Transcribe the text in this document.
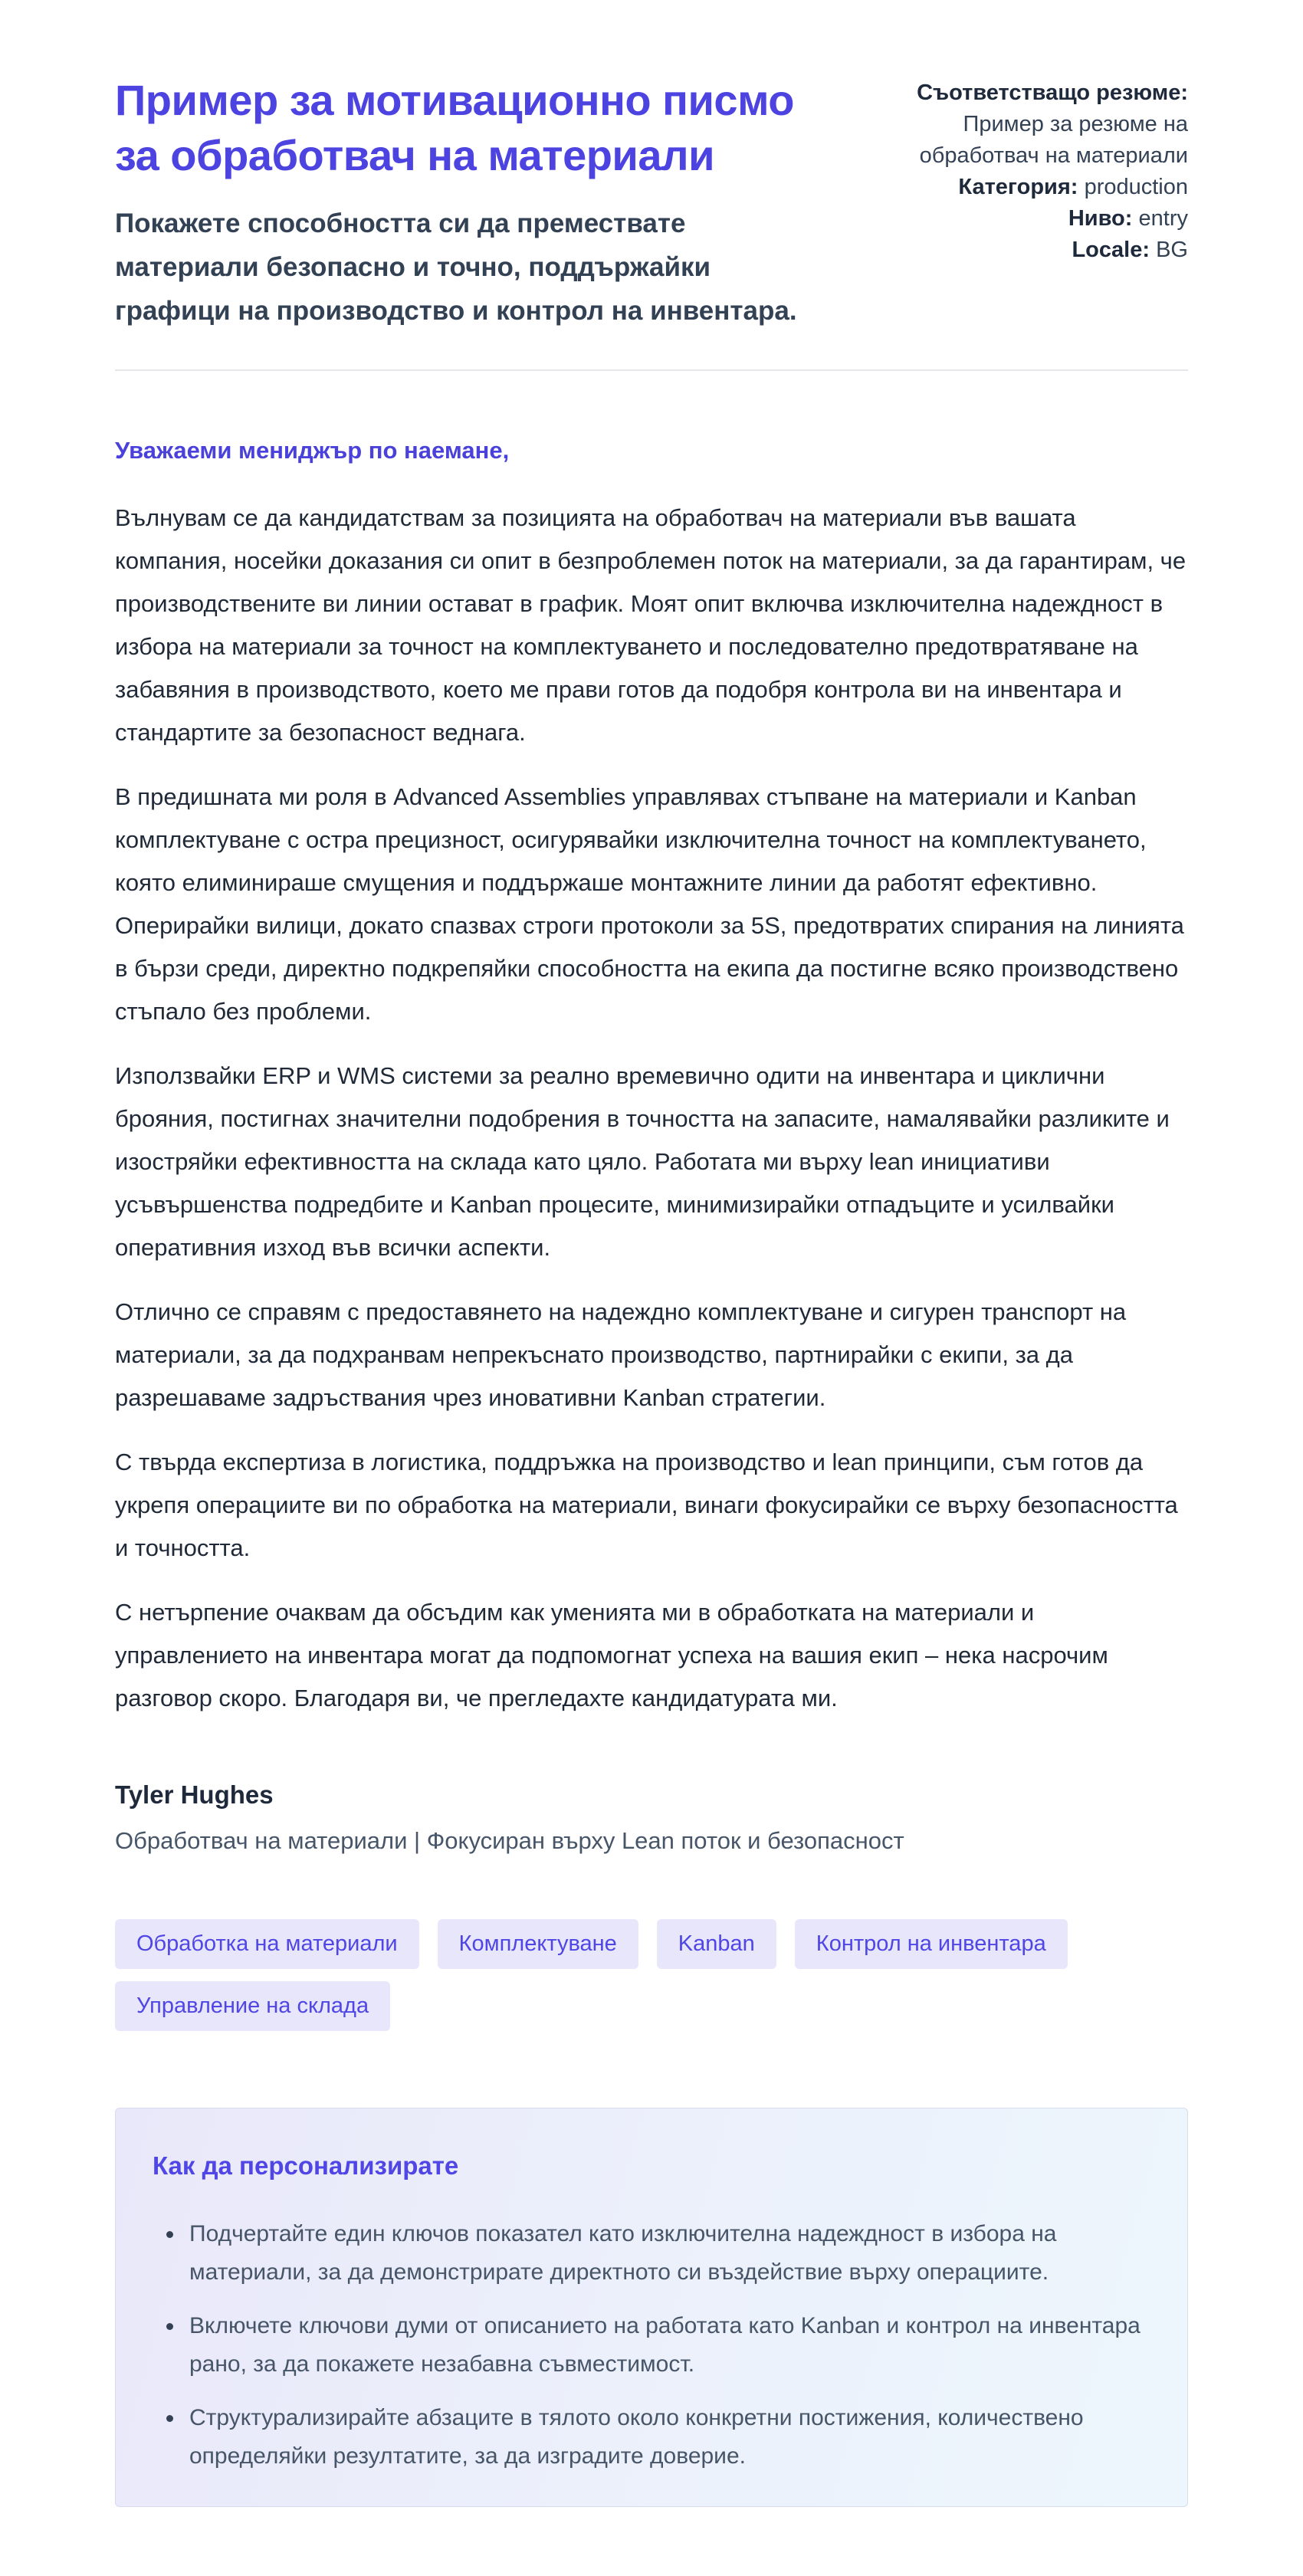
Пример за мотивационно писмо за обработвач на материали

Покажете способността си да премествате материали безопасно и точно, поддържайки графици на производство и контрол на инвентара.

Съответстващо резюме:
Пример за резюме на обработвач на материали
Категория: production
Ниво: entry
Locale: BG

Уважаеми мениджър по наемане,

Вълнувам се да кандидатствам за позицията на обработвач на материали във вашата компания, носейки доказания си опит в безпроблемен поток на материали, за да гарантирам, че производствените ви линии остават в график. Моят опит включва изключителна надеждност в избора на материали за точност на комплектуването и последователно предотвратяване на забавяния в производството, което ме прави готов да подобря контрола ви на инвентара и стандартите за безопасност веднага.

В предишната ми роля в Advanced Assemblies управлявах стъпване на материали и Kanban комплектуване с остра прецизност, осигурявайки изключителна точност на комплектуването, която елиминираше смущения и поддържаше монтажните линии да работят ефективно. Оперирайки вилици, докато спазвах строги протоколи за 5S, предотвратих спирания на линията в бързи среди, директно подкрепяйки способността на екипа да постигне всяко производствено стъпало без проблеми.

Използвайки ERP и WMS системи за реално времевично одити на инвентара и циклични брояния, постигнах значителни подобрения в точността на запасите, намалявайки разликите и изостряйки ефективността на склада като цяло. Работата ми върху lean инициативи усъвършенства подредбите и Kanban процесите, минимизирайки отпадъците и усилвайки оперативния изход във всички аспекти.

Отлично се справям с предоставянето на надеждно комплектуване и сигурен транспорт на материали, за да подхранвам непрекъснато производство, партнирайки с екипи, за да разрешаваме задръствания чрез иновативни Kanban стратегии.

С твърда експертиза в логистика, поддръжка на производство и lean принципи, съм готов да укрепя операциите ви по обработка на материали, винаги фокусирайки се върху безопасността и точността.

С нетърпение очаквам да обсъдим как уменията ми в обработката на материали и управлението на инвентара могат да подпомогнат успеха на вашия екип – нека насрочим разговор скоро. Благодаря ви, че прегледахте кандидатурата ми.

Tyler Hughes

Обработвач на материали | Фокусиран върху Lean поток и безопасност

Обработка на материали	Комплектуване	Kanban	Контрол на инвентара
Управление на склада
Как да персонализирате
• Подчертайте един ключов показател като изключителна надеждност в избора на материали, за да демонстрирате директното си въздействие върху операциите.
• Включете ключови думи от описанието на работата като Kanban и контрол на инвентара рано, за да покажете незабавна съвместимост.
• Структурализирайте абзаците в тялото около конкретни постижения, количествено определяйки резултатите, за да изградите доверие.
